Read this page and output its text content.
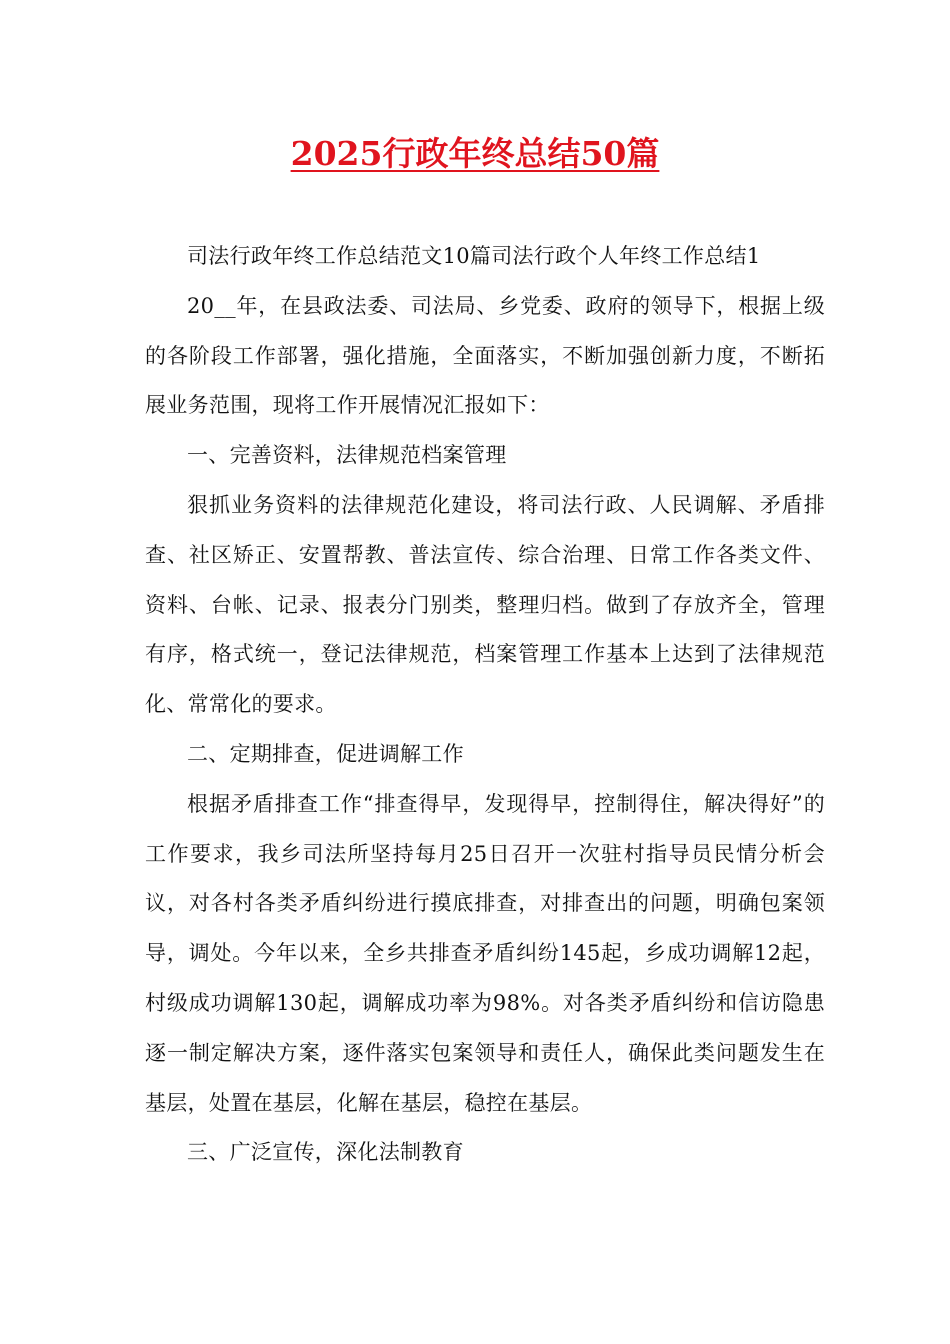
2025行政年终总结50篇

司法行政年终工作总结范文10篇司法行政个人年终工作总结1

20__年，在县政法委、司法局、乡党委、政府的领导下，根据上级的各阶段工作部署，强化措施，全面落实，不断加强创新力度，不断拓展业务范围，现将工作开展情况汇报如下：

一、完善资料，法律规范档案管理

狠抓业务资料的法律规范化建设，将司法行政、人民调解、矛盾排查、社区矫正、安置帮教、普法宣传、综合治理、日常工作各类文件、资料、台帐、记录、报表分门别类，整理归档。做到了存放齐全，管理有序，格式统一，登记法律规范，档案管理工作基本上达到了法律规范化、常常化的要求。

二、定期排查，促进调解工作

根据矛盾排查工作“排查得早，发现得早，控制得住，解决得好”的工作要求，我乡司法所坚持每月25日召开一次驻村指导员民情分析会议，对各村各类矛盾纠纷进行摸底排查，对排查出的问题，明确包案领导，调处。今年以来，全乡共排查矛盾纠纷145起，乡成功调解12起，村级成功调解130起，调解成功率为98%。对各类矛盾纠纷和信访隐患逐一制定解决方案，逐件落实包案领导和责任人，确保此类问题发生在基层，处置在基层，化解在基层，稳控在基层。

三、广泛宣传，深化法制教育
